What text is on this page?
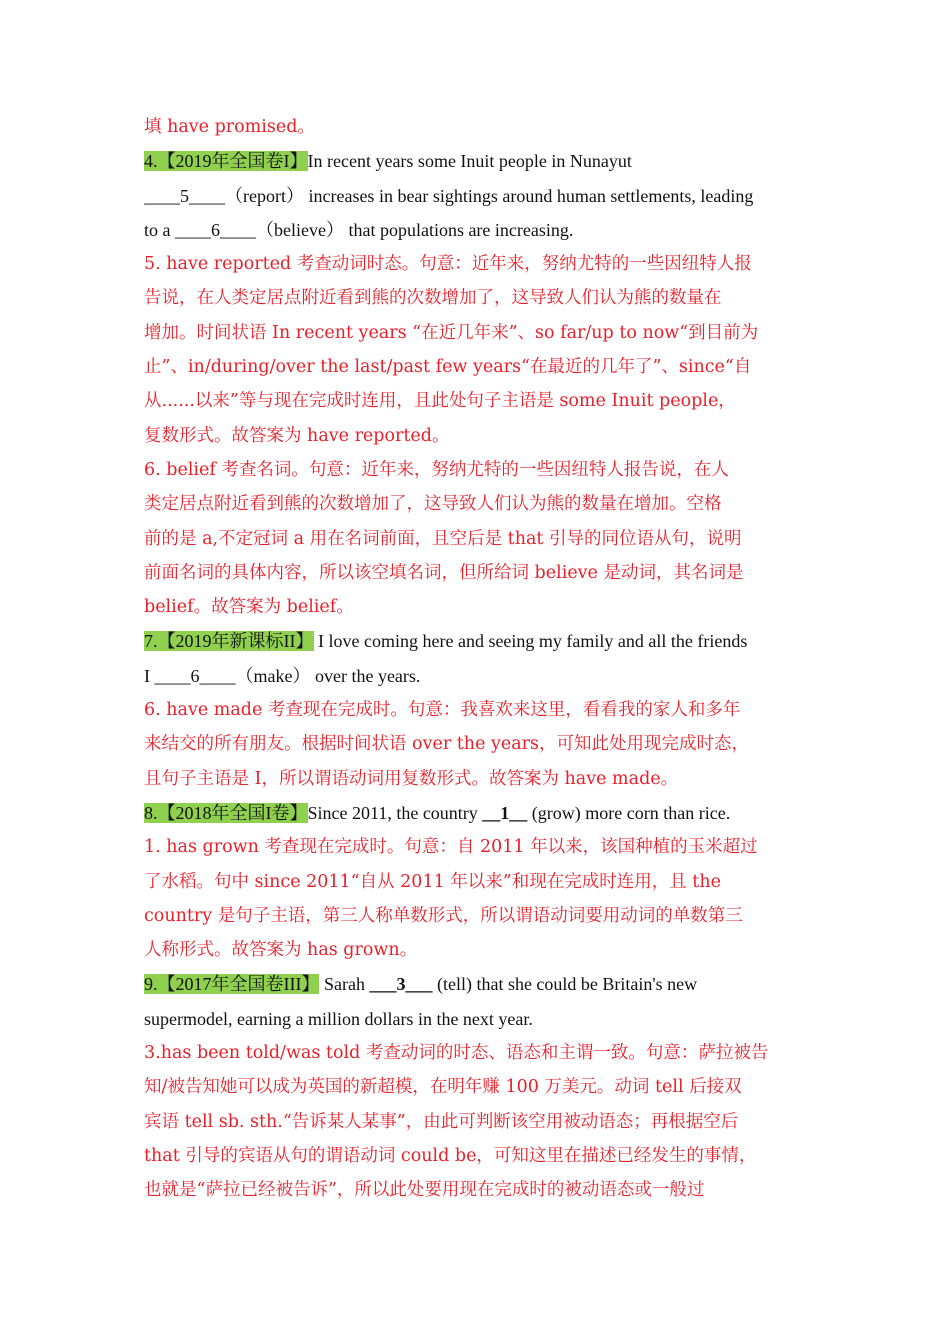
填 have promised。
4.【2019年全国卷I】In recent years some Inuit people in Nunayut
____5____（report） increases in bear sightings around human settlements, leading
to a ____6____（believe） that populations are increasing.
5. have reported 考查动词时态。句意：近年来，努纳尤特的一些因纽特人报
告说，在人类定居点附近看到熊的次数增加了，这导致人们认为熊的数量在
增加。时间状语 In recent years “在近几年来”、so far/up to now“到目前为
止”、in/during/over the last/past few years“在最近的几年了”、since“自
从......以来”等与现在完成时连用，且此处句子主语是 some Inuit people，
复数形式。故答案为 have reported。
6. belief 考查名词。句意：近年来，努纳尤特的一些因纽特人报告说，在人
类定居点附近看到熊的次数增加了，这导致人们认为熊的数量在增加。空格
前的是 a,不定冠词 a 用在名词前面，且空后是 that 引导的同位语从句，说明
前面名词的具体内容，所以该空填名词，但所给词 believe 是动词，其名词是
belief。故答案为 belief。
7.【2019年新课标II】 I love coming here and seeing my family and all the friends
I ____6____（make） over the years.
6. have made 考查现在完成时。句意：我喜欢来这里，看看我的家人和多年
来结交的所有朋友。根据时间状语 over the years，可知此处用现完成时态，
且句子主语是 I，所以谓语动词用复数形式。故答案为 have made。
8.【2018年全国I卷】Since 2011, the country __1__ (grow) more corn than rice.
1. has grown 考查现在完成时。句意：自 2011 年以来，该国种植的玉米超过
了水稻。句中 since 2011“自从 2011 年以来”和现在完成时连用，且 the
country 是句子主语，第三人称单数形式，所以谓语动词要用动词的单数第三
人称形式。故答案为 has grown。
9.【2017年全国卷III】 Sarah ___3___ (tell) that she could be Britain's new
supermodel, earning a million dollars in the next year.
3.has been told/was told 考查动词的时态、语态和主谓一致。句意：萨拉被告
知/被告知她可以成为英国的新超模，在明年赚 100 万美元。动词 tell 后接双
宾语 tell sb. sth.“告诉某人某事”，由此可判断该空用被动语态；再根据空后
that 引导的宾语从句的谓语动词 could be，可知这里在描述已经发生的事情，
也就是“萨拉已经被告诉”，所以此处要用现在完成时的被动语态或一般过
